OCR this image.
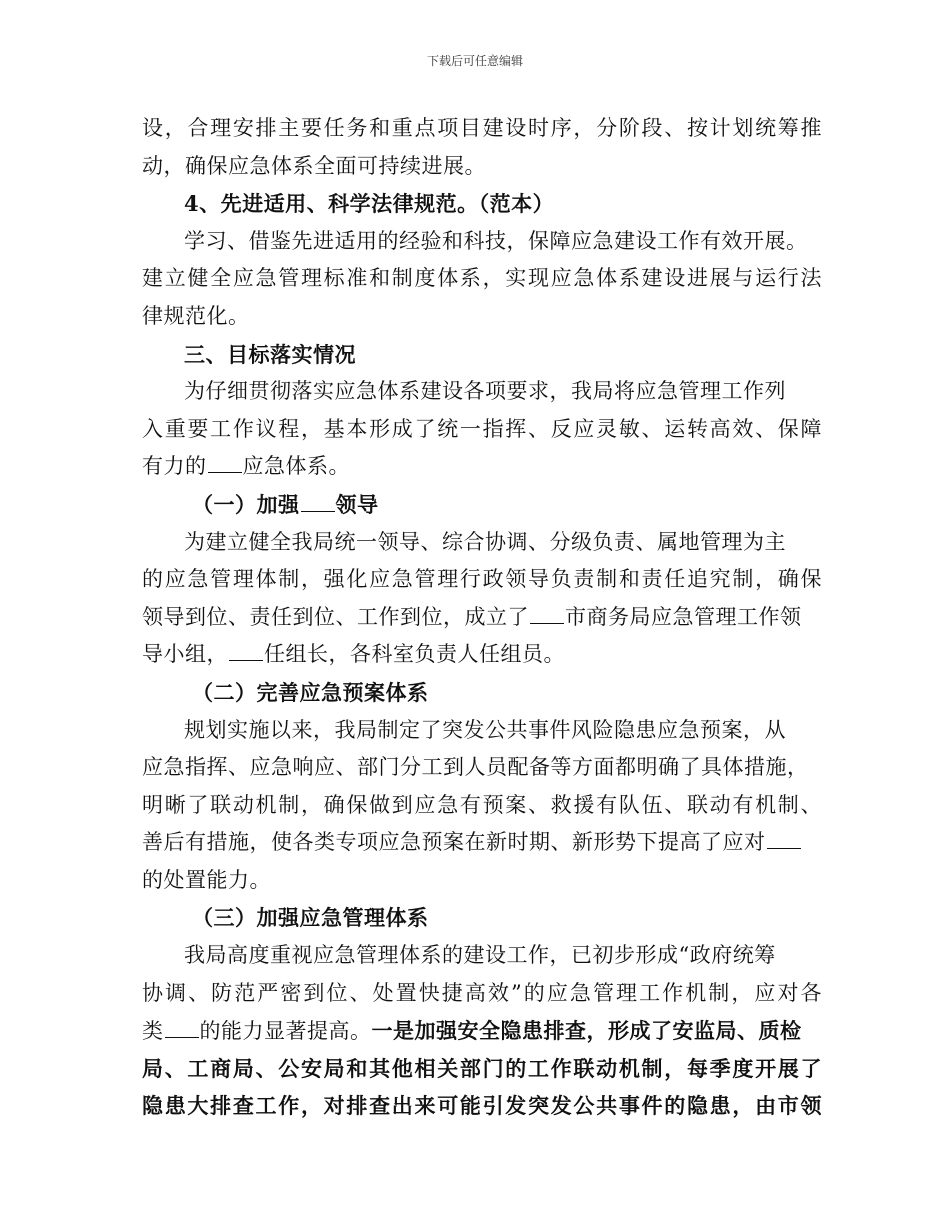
下载后可任意编辑
设，合理安排主要任务和重点项目建设时序，分阶段、按计划统筹推
动，确保应急体系全面可持续进展。
4、先进适用、科学法律规范。（范本）
学习、借鉴先进适用的经验和科技，保障应急建设工作有效开展。
建立健全应急管理标准和制度体系，实现应急体系建设进展与运行法
律规范化。
三、目标落实情况
为仔细贯彻落实应急体系建设各项要求，我局将应急管理工作列
入重要工作议程，基本形成了统一指挥、反应灵敏、运转高效、保障
有力的 应急体系。
（一）加强 领导
为建立健全我局统一领导、综合协调、分级负责、属地管理为主
的应急管理体制，强化应急管理行政领导负责制和责任追究制，确保
领导到位、责任到位、工作到位，成立了 市商务局应急管理工作领
导小组， 任组长，各科室负责人任组员。
（二）完善应急预案体系
规划实施以来，我局制定了突发公共事件风险隐患应急预案，从
应急指挥、应急响应、部门分工到人员配备等方面都明确了具体措施，
明晰了联动机制，确保做到应急有预案、救援有队伍、联动有机制、
善后有措施，使各类专项应急预案在新时期、新形势下提高了应对
的处置能力。
（三）加强应急管理体系
我局高度重视应急管理体系的建设工作，已初步形成“政府统筹
协调、防范严密到位、处置快捷高效”的应急管理工作机制，应对各
类 的能力显著提高。一是加强安全隐患排查，形成了安监局、质检
局、工商局、公安局和其他相关部门的工作联动机制，每季度开展了
隐患大排查工作，对排查出来可能引发突发公共事件的隐患，由市领
